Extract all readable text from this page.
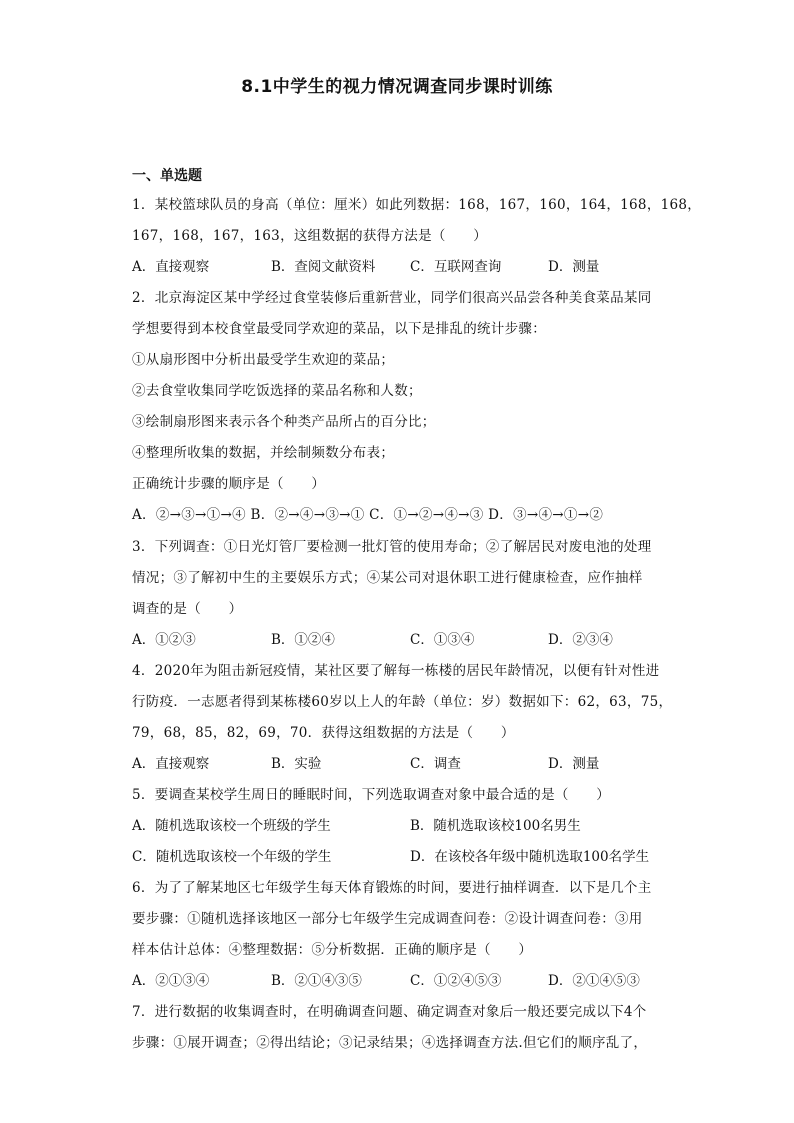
8.1中学生的视力情况调查同步课时训练
一、单选题
1．某校篮球队员的身高（单位：厘米）如此列数据：168，167，160，164，168，168，
167，168，167，163，这组数据的获得方法是（　　）
A．直接观察	B．查阅文献资料	C．互联网查询	D．测量
2．北京海淀区某中学经过食堂装修后重新营业，同学们很高兴品尝各种美食菜品某同
学想要得到本校食堂最受同学欢迎的菜品，以下是排乱的统计步骤：
①从扇形图中分析出最受学生欢迎的菜品；
②去食堂收集同学吃饭选择的菜品名称和人数；
③绘制扇形图来表示各个种类产品所占的百分比；
④整理所收集的数据，并绘制频数分布表；
正确统计步骤的顺序是（　　）
A．②→③→①→④ B．②→④→③→① C．①→②→④→③ D．③→④→①→②
3．下列调查：①日光灯管厂要检测一批灯管的使用寿命；②了解居民对废电池的处理
情况；③了解初中生的主要娱乐方式；④某公司对退休职工进行健康检查，应作抽样
调查的是（　　）
A．①②③	B．①②④	C．①③④	D．②③④
4．2020年为阻击新冠疫情，某社区要了解每一栋楼的居民年龄情况，以便有针对性进
行防疫．一志愿者得到某栋楼60岁以上人的年龄（单位：岁）数据如下：62，63，75，
79，68，85，82，69，70．获得这组数据的方法是（　　）
A．直接观察	B．实验	C．调查	D．测量
5．要调查某校学生周日的睡眠时间，下列选取调查对象中最合适的是（　　）
A．随机选取该校一个班级的学生	B．随机选取该校100名男生
C．随机选取该校一个年级的学生	D．在该校各年级中随机选取100名学生
6．为了了解某地区七年级学生每天体育锻炼的时间，要进行抽样调查．以下是几个主
要步骤：①随机选择该地区一部分七年级学生完成调查问卷：②设计调查问卷：③用
样本估计总体：④整理数据：⑤分析数据．正确的顺序是（　　）
A．②①③④	B．②①④③⑤	C．①②④⑤③	D．②①④⑤③
7．进行数据的收集调查时，在明确调查问题、确定调查对象后一般还要完成以下4个
步骤：①展开调查；②得出结论；③记录结果；④选择调查方法.但它们的顺序乱了，
